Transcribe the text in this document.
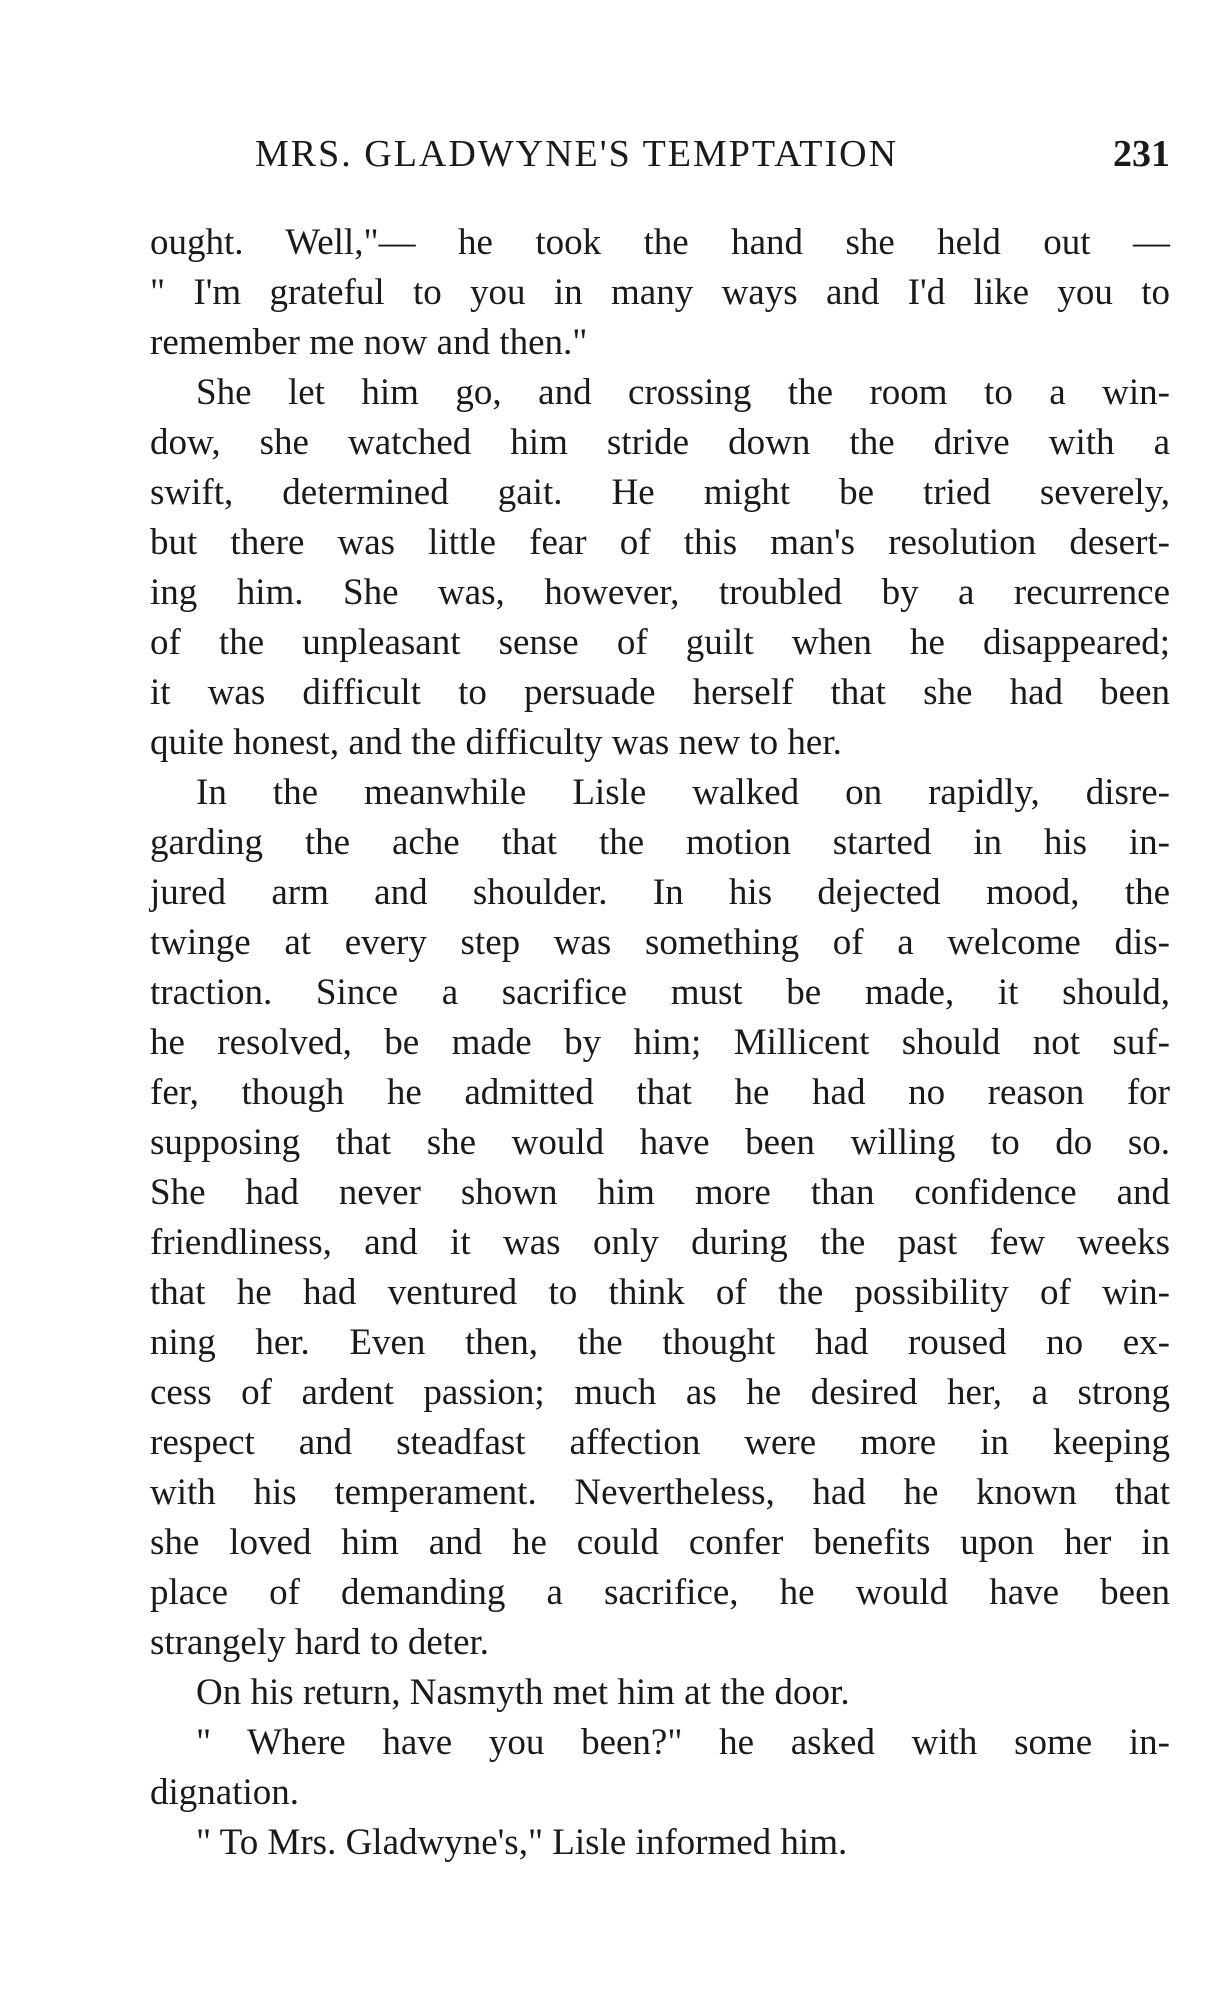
MRS. GLADWYNE'S TEMPTATION	231
ought. Well,"— he took the hand she held out —
" I'm grateful to you in many ways and I'd like you to
remember me now and then."
She let him go, and crossing the room to a win-
dow, she watched him stride down the drive with a
swift, determined gait. He might be tried severely,
but there was little fear of this man's resolution desert-
ing him. She was, however, troubled by a recurrence
of the unpleasant sense of guilt when he disappeared;
it was difficult to persuade herself that she had been
quite honest, and the difficulty was new to her.
In the meanwhile Lisle walked on rapidly, disre-
garding the ache that the motion started in his in-
jured arm and shoulder. In his dejected mood, the
twinge at every step was something of a welcome dis-
traction. Since a sacrifice must be made, it should,
he resolved, be made by him; Millicent should not suf-
fer, though he admitted that he had no reason for
supposing that she would have been willing to do so.
She had never shown him more than confidence and
friendliness, and it was only during the past few weeks
that he had ventured to think of the possibility of win-
ning her. Even then, the thought had roused no ex-
cess of ardent passion; much as he desired her, a strong
respect and steadfast affection were more in keeping
with his temperament. Nevertheless, had he known that
she loved him and he could confer benefits upon her in
place of demanding a sacrifice, he would have been
strangely hard to deter.
On his return, Nasmyth met him at the door.
" Where have you been?" he asked with some in-
dignation.
" To Mrs. Gladwyne's," Lisle informed him.
